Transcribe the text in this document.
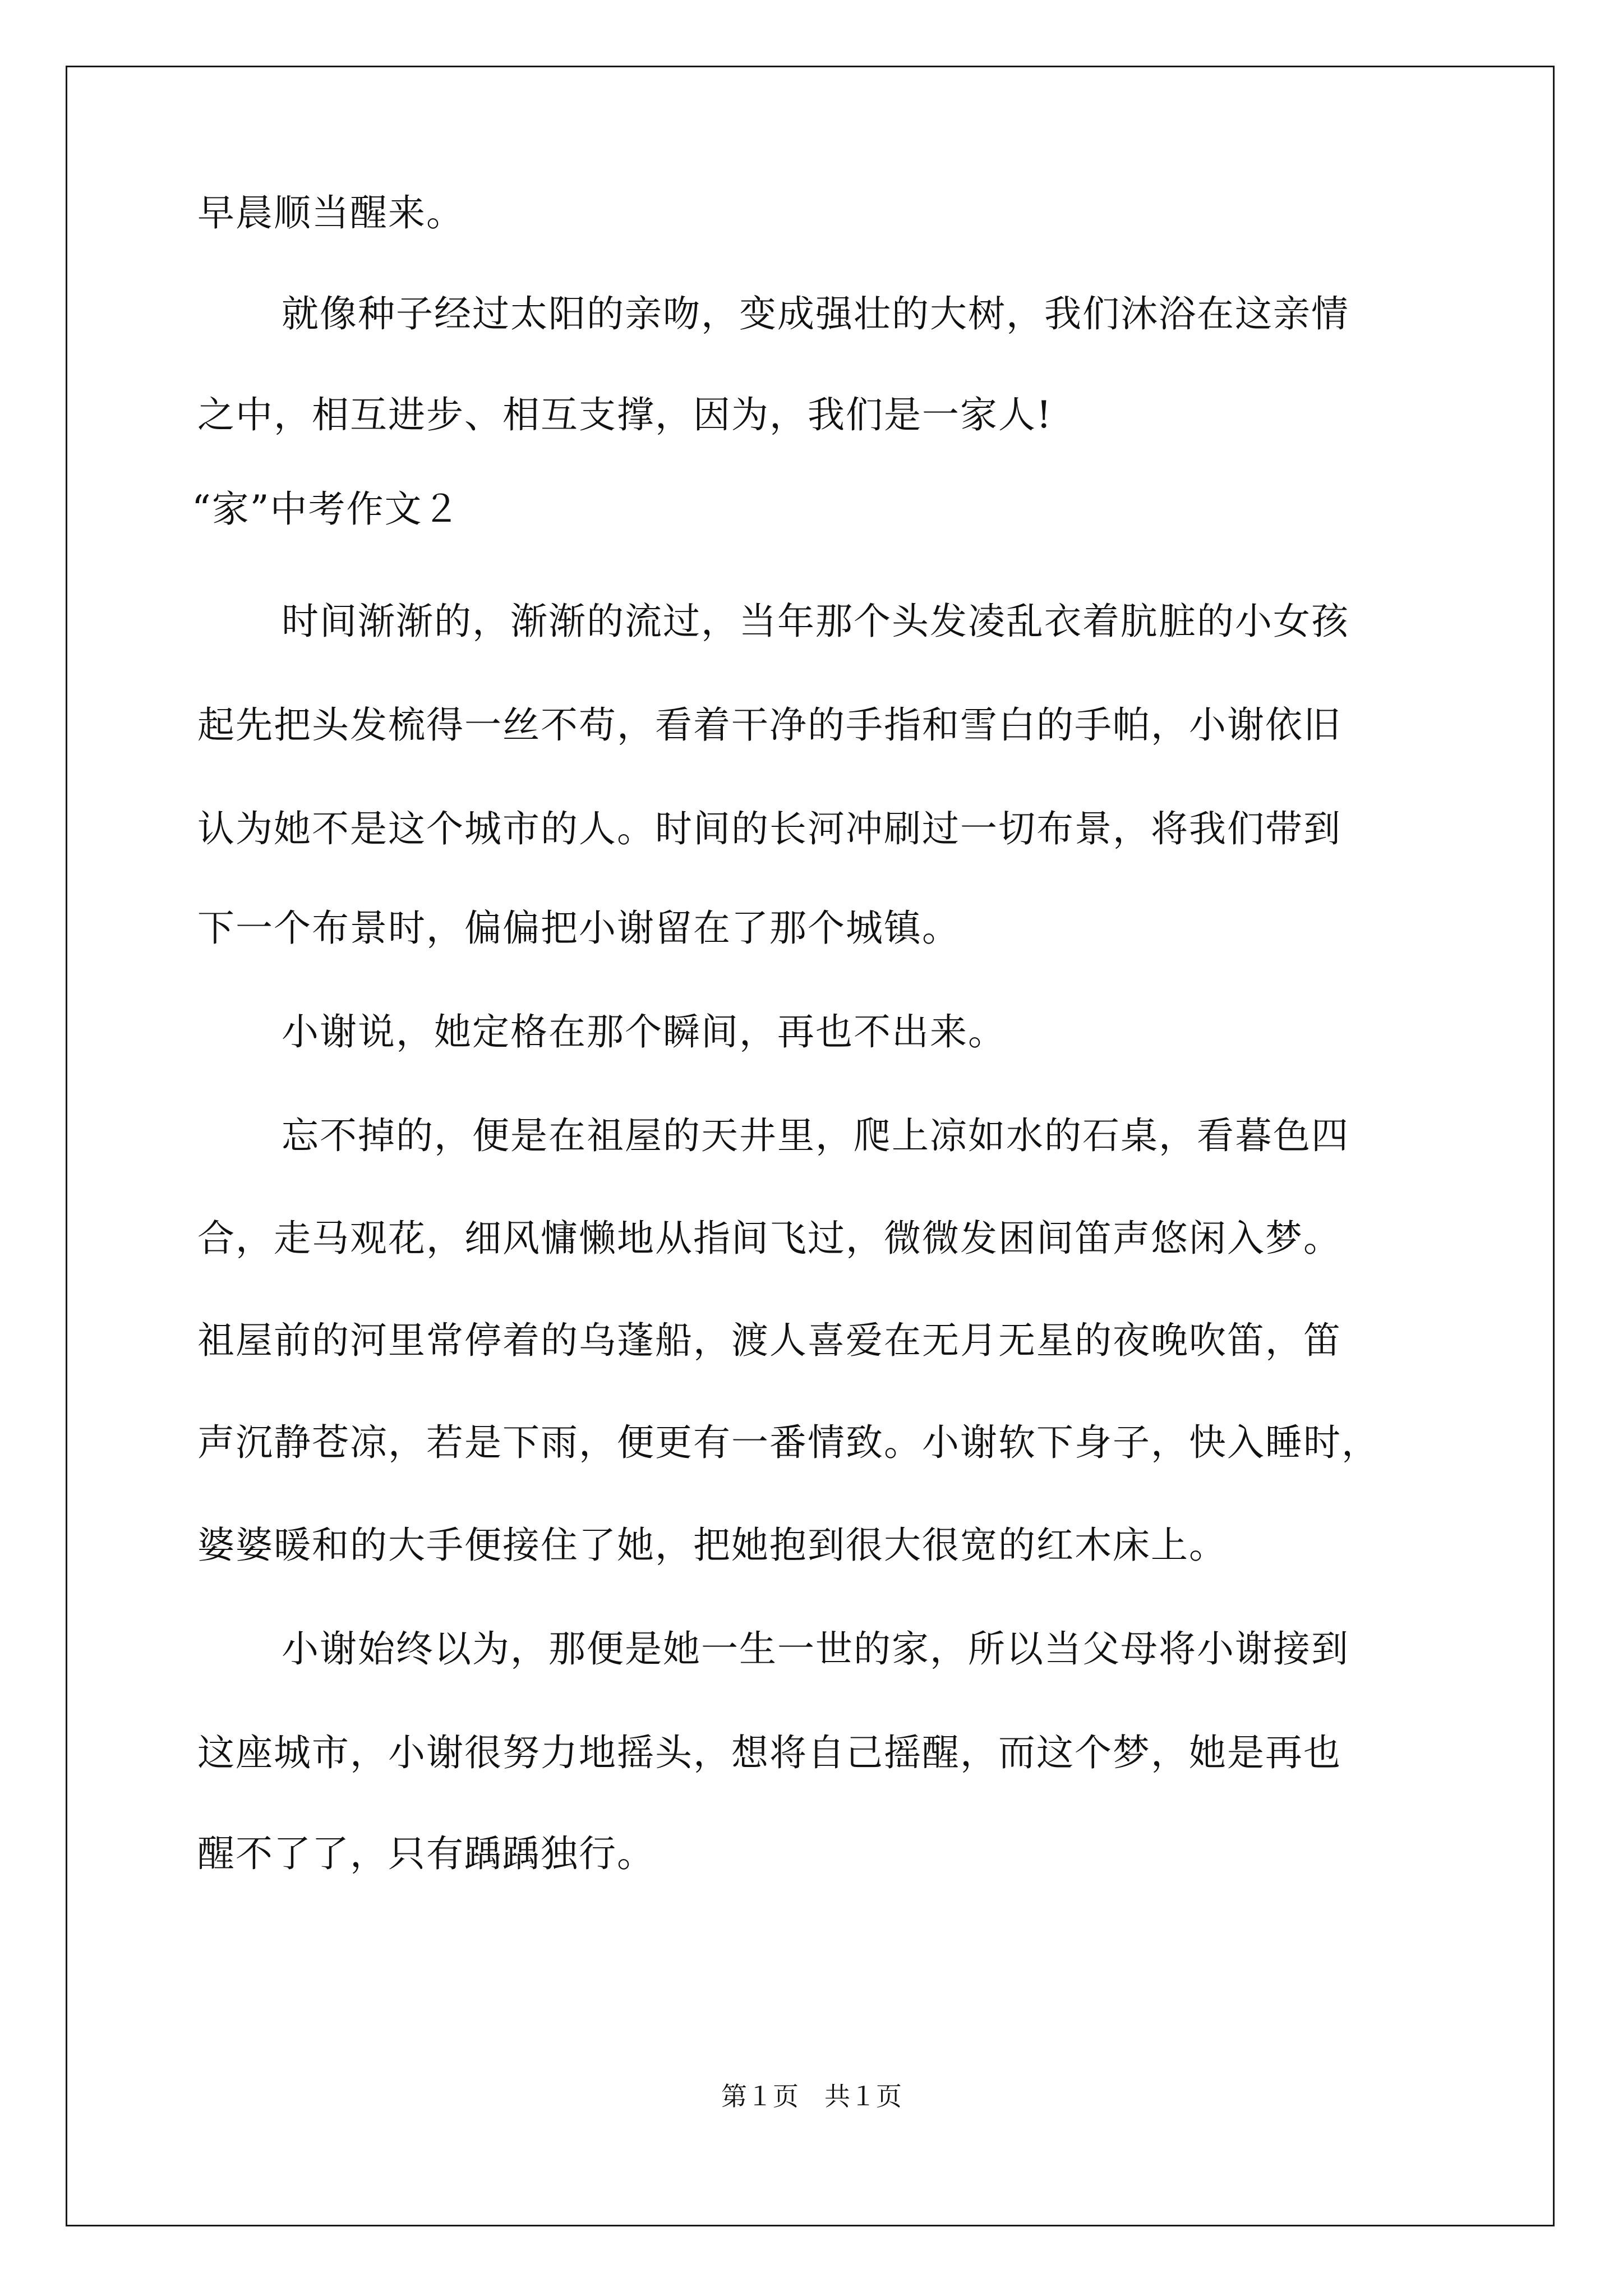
早晨顺当醒来。
就像种子经过太阳的亲吻，变成强壮的大树，我们沐浴在这亲情
之中，相互进步、相互支撑，因为，我们是一家人!
“家”中考作文２
时间渐渐的，渐渐的流过，当年那个头发凌乱衣着肮脏的小女孩
起先把头发梳得一丝不苟，看着干净的手指和雪白的手帕，小谢依旧
认为她不是这个城市的人。时间的长河冲刷过一切布景，将我们带到
下一个布景时，偏偏把小谢留在了那个城镇。
小谢说，她定格在那个瞬间，再也不出来。
忘不掉的，便是在祖屋的天井里，爬上凉如水的石桌，看暮色四
合，走马观花，细风慵懒地从指间飞过，微微发困间笛声悠闲入梦。
祖屋前的河里常停着的乌蓬船，渡人喜爱在无月无星的夜晚吹笛，笛
声沉静苍凉，若是下雨，便更有一番情致。小谢软下身子，快入睡时，
婆婆暖和的大手便接住了她，把她抱到很大很宽的红木床上。
小谢始终以为，那便是她一生一世的家，所以当父母将小谢接到
这座城市，小谢很努力地摇头，想将自己摇醒，而这个梦，她是再也
醒不了了，只有踽踽独行。
第１页　共１页
